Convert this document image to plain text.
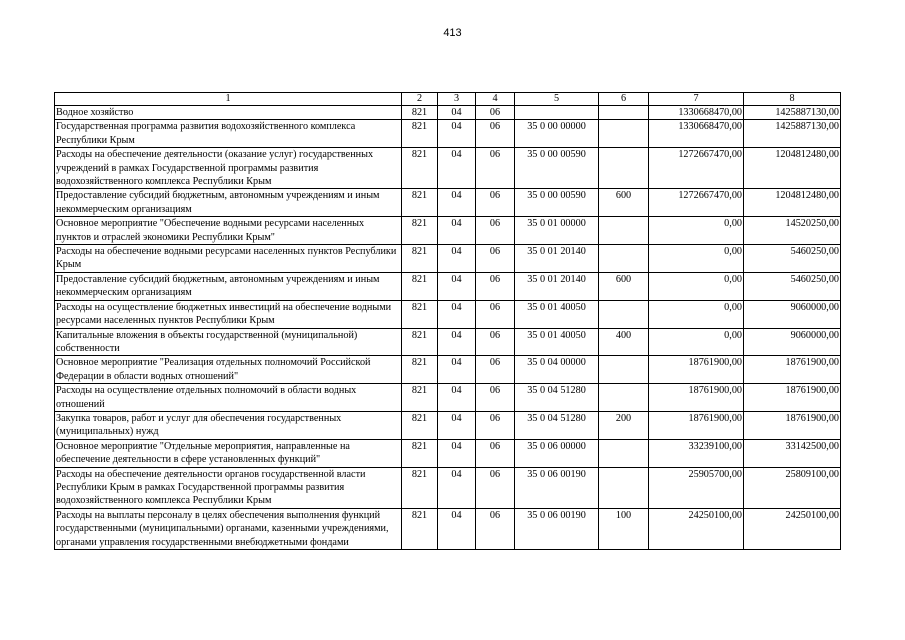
413
1	2	3	4	5	6	7	8
Водное хозяйство	821	04	06			1330668470,00	1425887130,00
Государственная программа развития водохозяйственного комплекса Республики Крым	821	04	06	35 0 00 00000		1330668470,00	1425887130,00
Расходы на обеспечение деятельности (оказание услуг) государственных учреждений в рамках Государственной программы развития водохозяйственного комплекса Республики Крым	821	04	06	35 0 00 00590		1272667470,00	1204812480,00
Предоставление субсидий бюджетным, автономным учреждениям и иным некоммерческим организациям	821	04	06	35 0 00 00590	600	1272667470,00	1204812480,00
Основное мероприятие "Обеспечение водными ресурсами населенных пунктов и отраслей экономики Республики Крым"	821	04	06	35 0 01 00000		0,00	14520250,00
Расходы на обеспечение водными ресурсами населенных пунктов Республики Крым	821	04	06	35 0 01 20140		0,00	5460250,00
Предоставление субсидий бюджетным, автономным учреждениям и иным некоммерческим организациям	821	04	06	35 0 01 20140	600	0,00	5460250,00
Расходы на осуществление бюджетных инвестиций на обеспечение водными ресурсами населенных пунктов Республики Крым	821	04	06	35 0 01 40050		0,00	9060000,00
Капитальные вложения в объекты государственной (муниципальной) собственности	821	04	06	35 0 01 40050	400	0,00	9060000,00
Основное мероприятие "Реализация отдельных полномочий Российской Федерации в области водных отношений"	821	04	06	35 0 04 00000		18761900,00	18761900,00
Расходы на осуществление отдельных полномочий в области водных отношений	821	04	06	35 0 04 51280		18761900,00	18761900,00
Закупка товаров, работ и услуг для обеспечения государственных (муниципальных) нужд	821	04	06	35 0 04 51280	200	18761900,00	18761900,00
Основное мероприятие "Отдельные мероприятия, направленные на обеспечение деятельности в сфере установленных функций"	821	04	06	35 0 06 00000		33239100,00	33142500,00
Расходы на обеспечение деятельности органов государственной власти Республики Крым в рамках Государственной программы развития водохозяйственного комплекса Республики Крым	821	04	06	35 0 06 00190		25905700,00	25809100,00
Расходы на выплаты персоналу в целях обеспечения выполнения функций государственными (муниципальными) органами, казенными учреждениями, органами управления государственными внебюджетными фондами	821	04	06	35 0 06 00190	100	24250100,00	24250100,00
